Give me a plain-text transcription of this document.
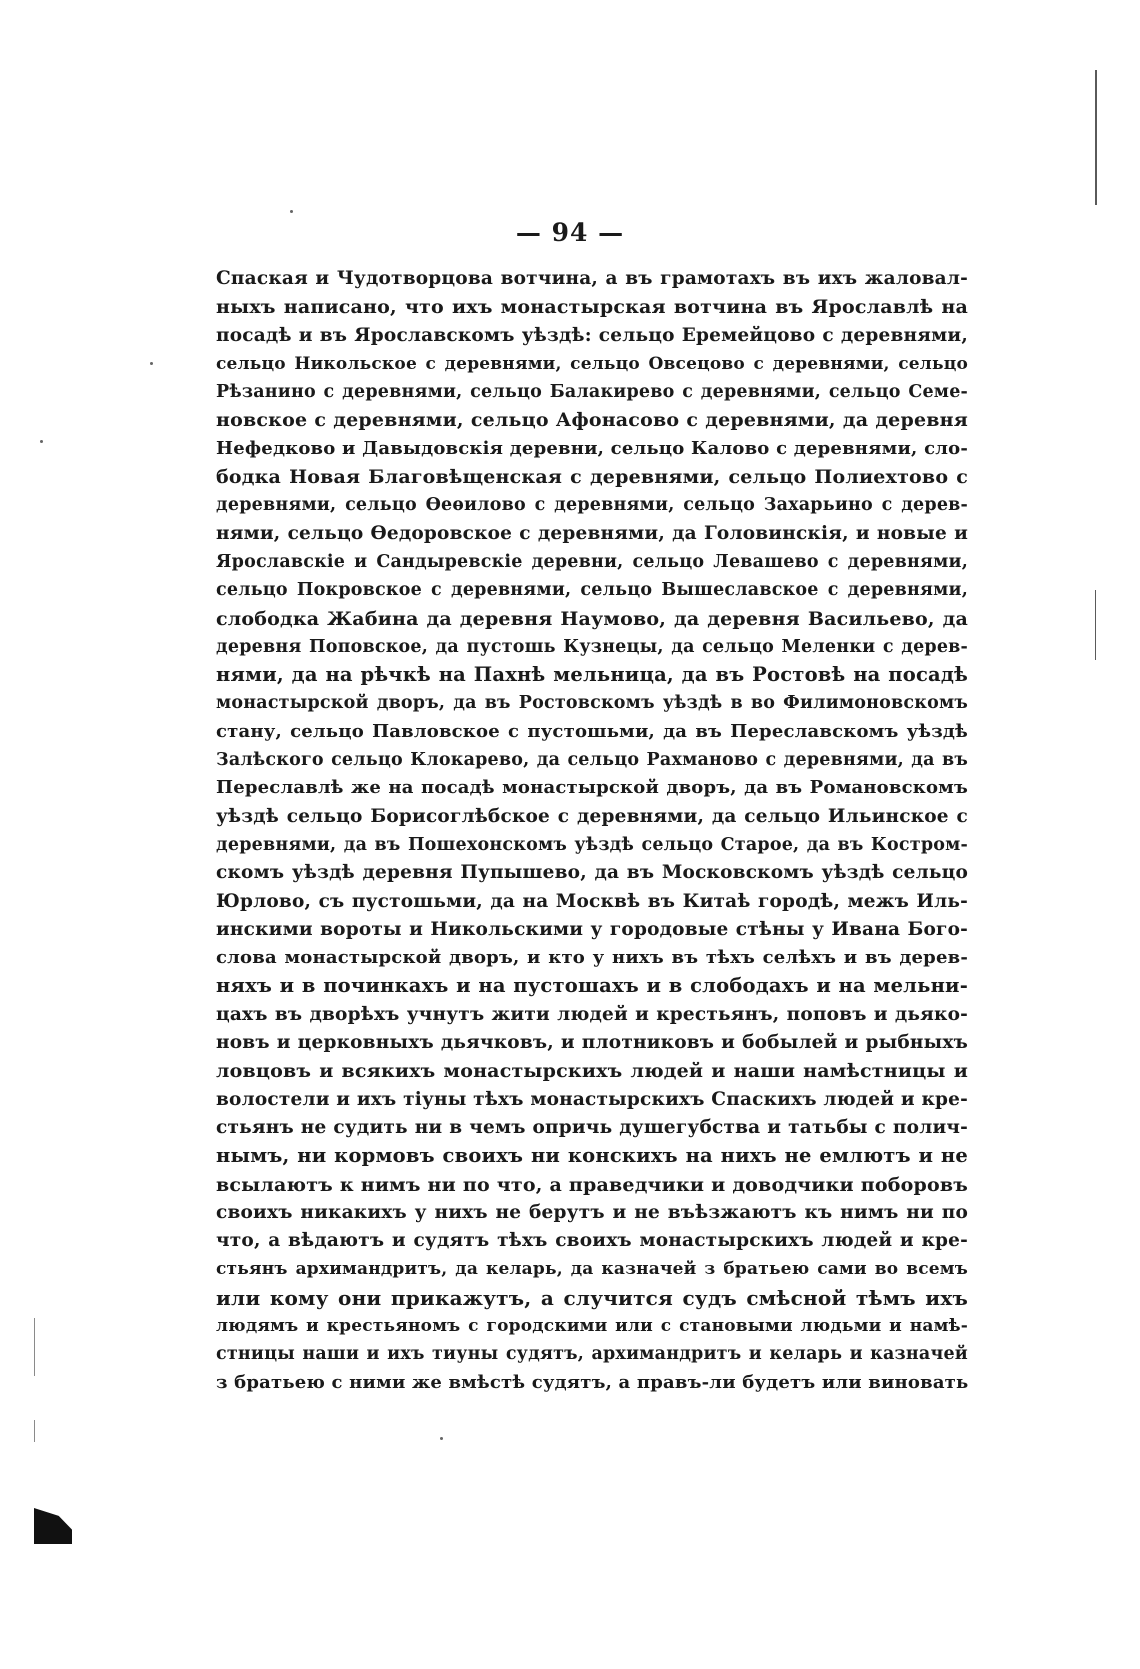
— 94 —
Спаская и Чудотворцова вотчина, а въ грамотахъ въ ихъ жаловал-
ныхъ написано, что ихъ монастырская вотчина въ Ярославлѣ на
посадѣ и въ Ярославскомъ уѣздѣ: сельцо Еремейцово с деревнями,
сельцо Никольское с деревнями, сельцо Овсецово с деревнями, сельцо
Рѣзанино с деревнями, сельцо Балакирево с деревнями, сельцо Семе-
новское с деревнями, сельцо Афонасово с деревнями, да деревня
Нефедково и Давыдовскія деревни, сельцо Калово с деревнями, сло-
бодка Новая Благовѣщенская с деревнями, сельцо Полиехтово с
деревнями, сельцо Ѳеѳилово с деревнями, сельцо Захарьино с дерев-
нями, сельцо Ѳедоровское с деревнями, да Головинскія, и новые и
Ярославскіе и Сандыревскіе деревни, сельцо Левашево с деревнями,
сельцо Покровское с деревнями, сельцо Вышеславское с деревнями,
слободка Жабина да деревня Наумово, да деревня Васильево, да
деревня Поповское, да пустошь Кузнецы, да сельцо Меленки с дерев-
нями, да на рѣчкѣ на Пахнѣ мельница, да въ Ростовѣ на посадѣ
монастырской дворъ, да въ Ростовскомъ уѣздѣ в во Филимоновскомъ
стану, сельцо Павловское с пустошьми, да въ Переславскомъ уѣздѣ
Залѣского сельцо Клокарево, да сельцо Рахманово с деревнями, да въ
Переславлѣ же на посадѣ монастырской дворъ, да въ Романовскомъ
уѣздѣ сельцо Борисоглѣбское с деревнями, да сельцо Ильинское с
деревнями, да въ Пошехонскомъ уѣздѣ сельцо Старое, да въ Костром-
скомъ уѣздѣ деревня Пупышево, да въ Московскомъ уѣздѣ сельцо
Юрлово, съ пустошьми, да на Москвѣ въ Китаѣ городѣ, межъ Иль-
инскими вороты и Никольскими у городовые стѣны у Ивана Бого-
слова монастырской дворъ, и кто у нихъ въ тѣхъ селѣхъ и въ дерев-
няхъ и в починкахъ и на пустошахъ и в слободахъ и на мельни-
цахъ въ дворѣхъ учнутъ жити людей и крестьянъ, поповъ и дьяко-
новъ и церковныхъ дьячковъ, и плотниковъ и бобылей и рыбныхъ
ловцовъ и всякихъ монастырскихъ людей и наши намѣстницы и
волостели и ихъ тіуны тѣхъ монастырскихъ Спаскихъ людей и кре-
стьянъ не судить ни в чемъ опричь душегубства и татьбы с полич-
нымъ, ни кормовъ своихъ ни конскихъ на нихъ не емлютъ и не
всылаютъ к нимъ ни по что, а праведчики и доводчики поборовъ
своихъ никакихъ у нихъ не берутъ и не въѣзжаютъ къ нимъ ни по
что, а вѣдаютъ и судятъ тѣхъ своихъ монастырскихъ людей и кре-
стьянъ архимандритъ, да келарь, да казначей з братьею сами во всемъ
или кому они прикажутъ, а случится судъ смѣсной тѣмъ ихъ
людямъ и крестьяномъ с городскими или с становыми людьми и намѣ-
стницы наши и ихъ тиуны судятъ, архимандритъ и келарь и казначей
з братьею с ними же вмѣстѣ судятъ, а правъ-ли будетъ или виновать
